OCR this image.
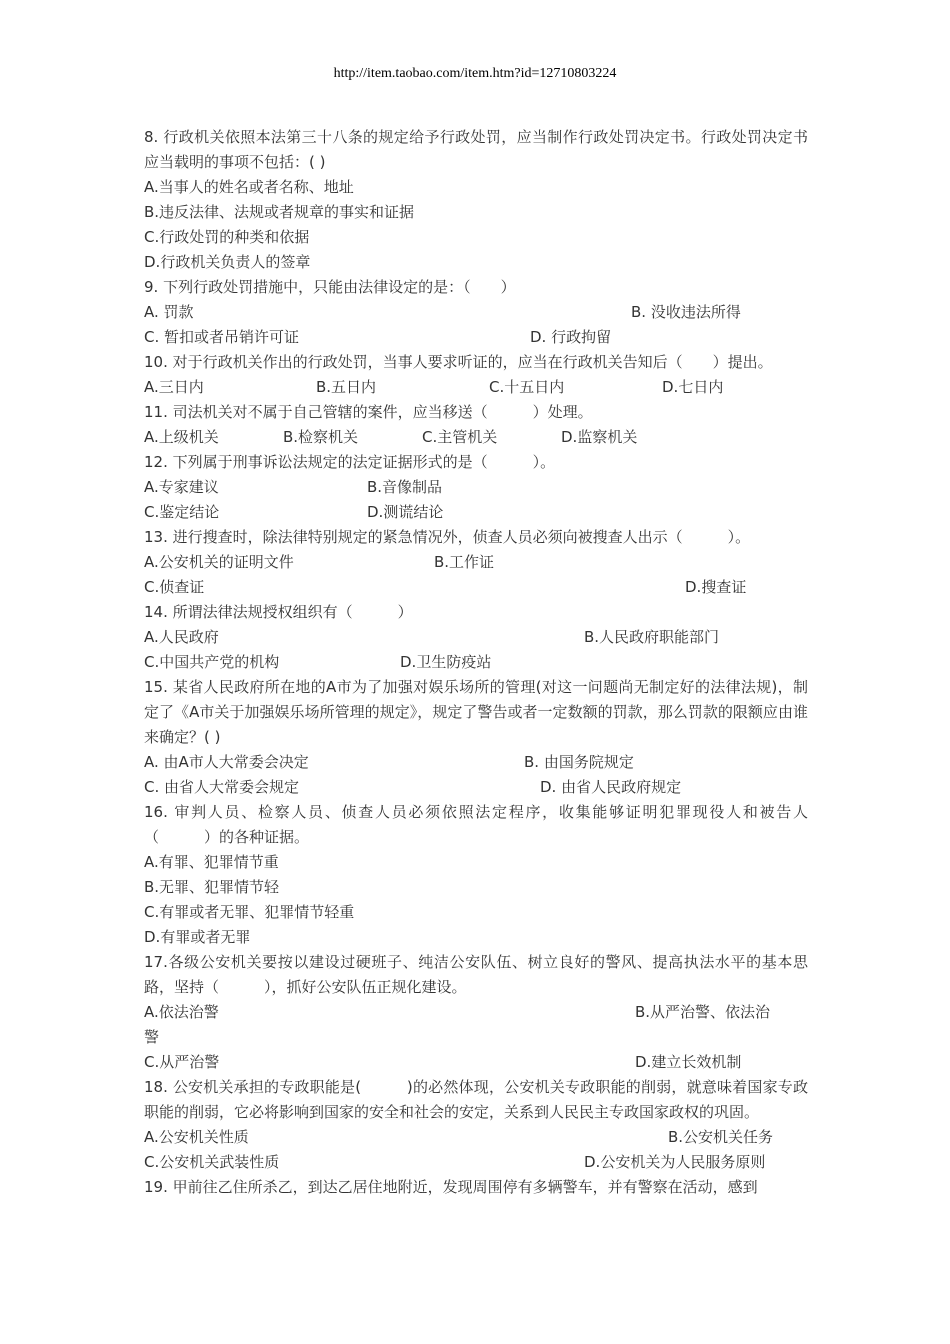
http://item.taobao.com/item.htm?id=12710803224
8. 行政机关依照本法第三十八条的规定给予行政处罚，应当制作行政处罚决定书。行政处罚决定书应当载明的事项不包括：( )
A.当事人的姓名或者名称、地址
B.违反法律、法规或者规章的事实和证据
C.行政处罚的种类和依据
D.行政机关负责人的签章
9. 下列行政处罚措施中，只能由法律设定的是：（　　）
A. 罚款	B. 没收违法所得
C. 暂扣或者吊销许可证	D. 行政拘留
10. 对于行政机关作出的行政处罚，当事人要求听证的，应当在行政机关告知后（　　）提出。
A.三日内	B.五日内	C.十五日内	D.七日内
11. 司法机关对不属于自己管辖的案件，应当移送（　　　）处理。
A.上级机关	B.检察机关	C.主管机关	D.监察机关
12. 下列属于刑事诉讼法规定的法定证据形式的是（　　　）。
A.专家建议	B.音像制品
C.鉴定结论	D.测谎结论
13. 进行搜查时，除法律特别规定的紧急情况外，侦查人员必须向被搜查人出示（　　　）。
A.公安机关的证明文件	B.工作证
C.侦查证	D.搜查证
14. 所谓法律法规授权组织有（　　　）
A.人民政府	B.人民政府职能部门
C.中国共产党的机构	D.卫生防疫站
15. 某省人民政府所在地的A市为了加强对娱乐场所的管理(对这一问题尚无制定好的法律法规)，制定了《A市关于加强娱乐场所管理的规定》，规定了警告或者一定数额的罚款，那么罚款的限额应由谁来确定？( )
A. 由A市人大常委会决定	B. 由国务院规定
C. 由省人大常委会规定	D. 由省人民政府规定
16. 审判人员、检察人员、侦查人员必须依照法定程序，收集能够证明犯罪现役人和被告人（　　　）的各种证据。
A.有罪、犯罪情节重
B.无罪、犯罪情节轻
C.有罪或者无罪、犯罪情节轻重
D.有罪或者无罪
17.各级公安机关要按以建设过硬班子、纯洁公安队伍、树立良好的警风、提高执法水平的基本思路，坚持（　　　），抓好公安队伍正规化建设。
A.依法治警	B.从严治警、依法治
警
C.从严治警	D.建立长效机制
18. 公安机关承担的专政职能是(　　　)的必然体现，公安机关专政职能的削弱，就意味着国家专政职能的削弱，它必将影响到国家的安全和社会的安定，关系到人民民主专政国家政权的巩固。
A.公安机关性质	B.公安机关任务
C.公安机关武装性质	D.公安机关为人民服务原则
19. 甲前往乙住所杀乙，到达乙居住地附近，发现周围停有多辆警车，并有警察在活动，感到
